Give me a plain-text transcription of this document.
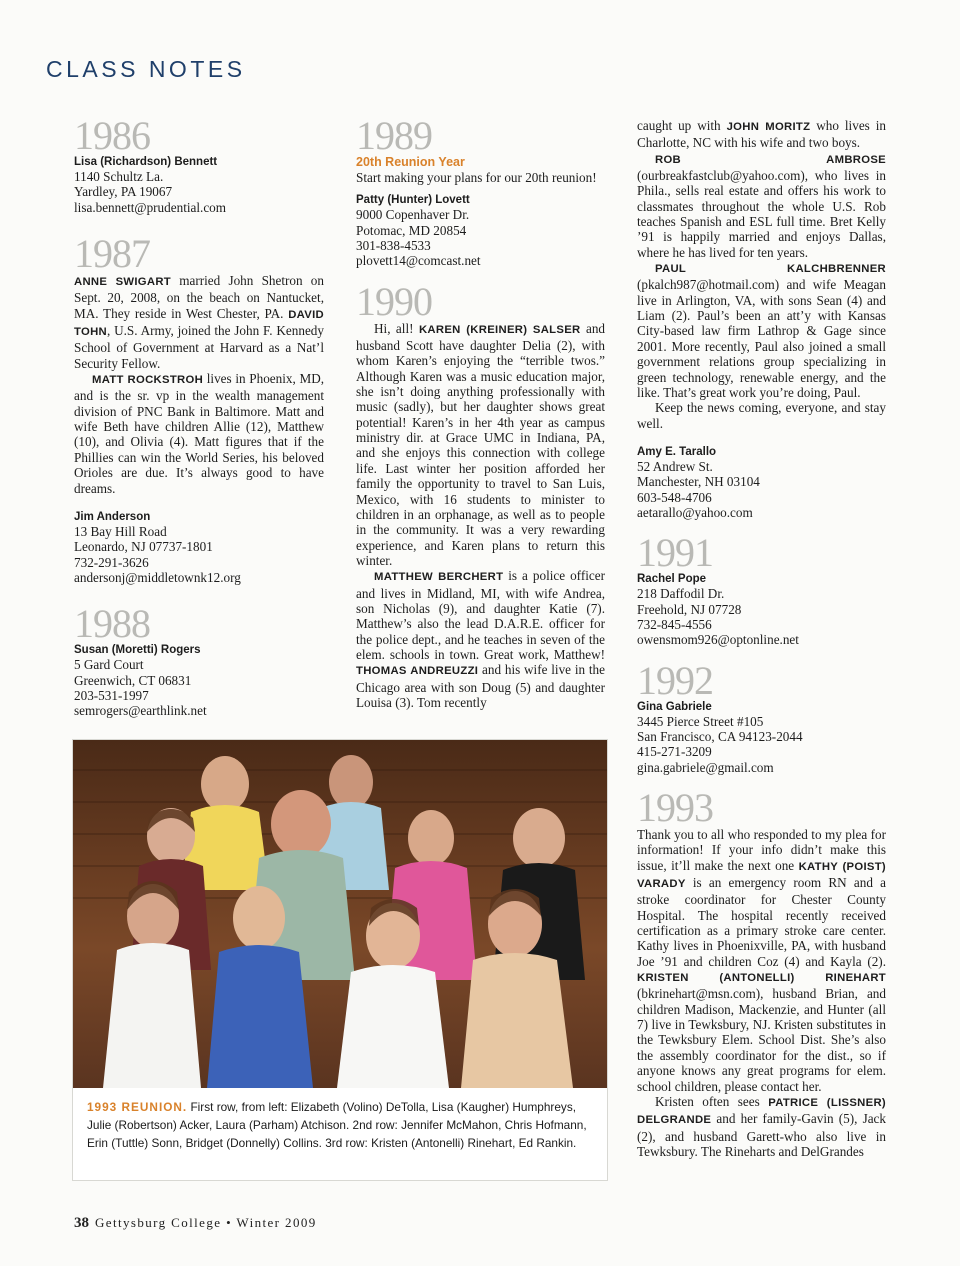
CLASS NOTES
1986
Lisa (Richardson) Bennett
1140 Schultz La.
Yardley, PA 19067
lisa.bennett@prudential.com
1987

ANNE SWIGART married John Shetron on Sept. 20, 2008, on the beach on Nantucket, MA. They reside in West Chester, PA. DAVID TOHN, U.S. Army, joined the John F. Kennedy School of Government at Harvard as a Nat’l Security Fellow.

MATT ROCKSTROH lives in Phoenix, MD, and is the sr. vp in the wealth management division of PNC Bank in Baltimore. Matt and wife Beth have children Allie (12), Matthew (10), and Olivia (4). Matt figures that if the Phillies can win the World Series, his beloved Orioles are due. It’s always good to have dreams.

Jim Anderson
13 Bay Hill Road
Leonardo, NJ 07737-1801
732-291-3626
andersonj@middletownk12.org
1988
Susan (Moretti) Rogers
5 Gard Court
Greenwich, CT 06831
203-531-1997
semrogers@earthlink.net
1989
20th Reunion Year

Start making your plans for our 20th reunion!

Patty (Hunter) Lovett
9000 Copenhaver Dr.
Potomac, MD 20854
301-838-4533
plovett14@comcast.net
1990

Hi, all! KAREN (KREINER) SALSER and husband Scott have daughter Delia (2), with whom Karen’s enjoying the “terrible twos.” Although Karen was a music education major, she isn’t doing anything professionally with music (sadly), but her daughter shows great potential! Karen’s in her 4th year as campus ministry dir. at Grace UMC in Indiana, PA, and she enjoys this connection with college life. Last winter her position afforded her family the opportunity to travel to San Luis, Mexico, with 16 students to minister to children in an orphanage, as well as to people in the community. It was a very rewarding experience, and Karen plans to return this winter.

MATTHEW BERCHERT is a police officer and lives in Midland, MI, with wife Andrea, son Nicholas (9), and daughter Katie (7). Matthew’s also the lead D.A.R.E. officer for the police dept., and he teaches in seven of the elem. schools in town. Great work, Matthew! THOMAS ANDREUZZI and his wife live in the Chicago area with son Doug (5) and daughter Louisa (3). Tom recently

caught up with JOHN MORITZ who lives in Charlotte, NC with his wife and two boys.

ROB AMBROSE (ourbreakfastclub@yahoo.com), who lives in Phila., sells real estate and offers his work to classmates throughout the whole U.S. Rob teaches Spanish and ESL full time. Bret Kelly ’91 is happily married and enjoys Dallas, where he has lived for ten years.

PAUL KALCHBRENNER (pkalch987@hotmail.com) and wife Meagan live in Arlington, VA, with sons Sean (4) and Liam (2). Paul’s been an att’y with Kansas City-based law firm Lathrop & Gage since 2001. More recently, Paul also joined a small government relations group specializing in green technology, renewable energy, and the like. That’s great work you’re doing, Paul.

Keep the news coming, everyone, and stay well.

Amy E. Tarallo
52 Andrew St.
Manchester, NH 03104
603-548-4706
aetarallo@yahoo.com
1991
Rachel Pope
218 Daffodil Dr.
Freehold, NJ 07728
732-845-4556
owensmom926@optonline.net
1992
Gina Gabriele
3445 Pierce Street #105
San Francisco, CA 94123-2044
415-271-3209
gina.gabriele@gmail.com
1993

Thank you to all who responded to my plea for information! If your info didn’t make this issue, it’ll make the next one KATHY (POIST) VARADY is an emergency room RN and a stroke coordinator for Chester County Hospital. The hospital recently received certification as a primary stroke care center. Kathy lives in Phoenixville, PA, with husband Joe ’91 and children Coz (4) and Kayla (2). KRISTEN (ANTONELLI) RINEHART (bkrinehart@msn.com), husband Brian, and children Madison, Mackenzie, and Hunter (all 7) live in Tewksbury, NJ. Kristen substitutes in the Tewksbury Elem. School Dist. She’s also the assembly coordinator for the dist., so if anyone knows any great programs for elem. school children, please contact her.

Kristen often sees PATRICE (LISSNER) DELGRANDE and her family-Gavin (5), Jack (2), and husband Garett-who also live in Tewksbury. The Rineharts and DelGrandes

1993 REUNION. First row, from left: Elizabeth (Volino) DeTolla, Lisa (Kaugher) Humphreys, Julie (Robertson) Acker, Laura (Parham) Atchison. 2nd row: Jennifer McMahon, Chris Hofmann, Erin (Tuttle) Sonn, Bridget (Donnelly) Collins. 3rd row: Kristen (Antonelli) Rinehart, Ed Rankin.
38 Gettysburg College • Winter 2009
